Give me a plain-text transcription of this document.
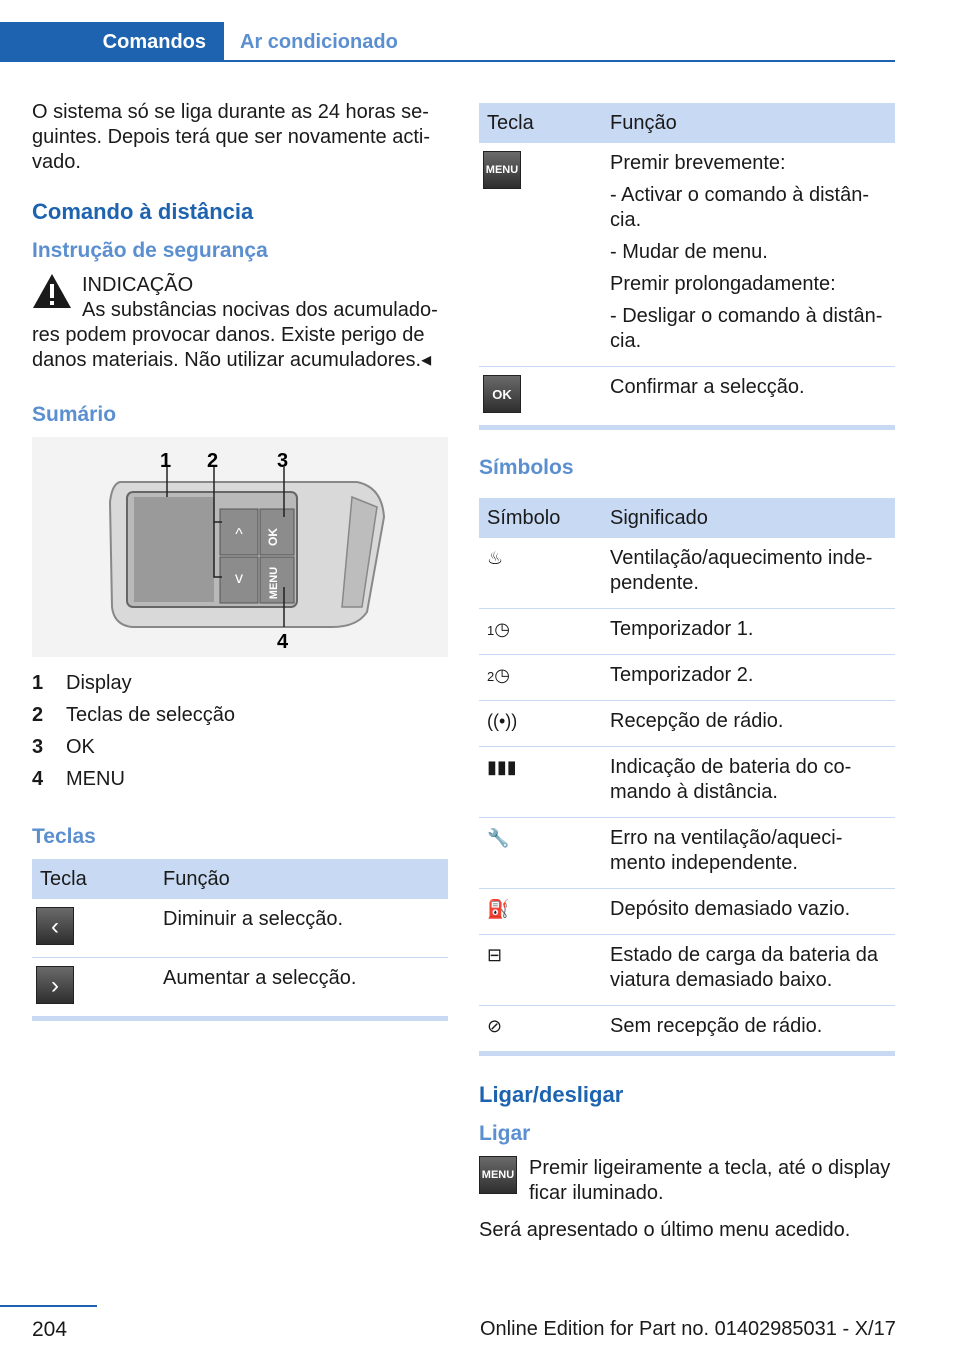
Comandos	Ar condicionado

O sistema só se liga durante as 24 horas se-guintes. Depois terá que ser novamente acti-vado.

Comando à distância
Instrução de segurança
INDICAÇÃO
As substâncias nocivas dos acumulado-res podem provocar danos. Existe perigo de danos materiais. Não utilizar acumuladores.◂
Sumário
^
v
OK
MENU
1 2	3
4
1	Display
2	Teclas de selecção
3	OK
4	MENU
Teclas
Tecla	Função

‹	Diminuir a selecção.

›	Aumentar a selecção.
Tecla	Função

MENU	Premir brevemente:
- Activar o comando à distân-cia.
- Mudar de menu.
Premir prolongadamente:
- Desligar o comando à distân-cia.

OK	Confirmar a selecção.
Símbolos
Símbolo	Significado
♨	Ventilação/aquecimento inde-pendente.
1◷	Temporizador 1.
2◷	Temporizador 2.
((•))	Recepção de rádio.
▮▮▮	Indicação de bateria do co-mando à distância.
🔧	Erro na ventilação/aqueci-mento independente.
⛽	Depósito demasiado vazio.
⊟	Estado de carga da bateria da viatura demasiado baixo.
⊘	Sem recepção de rádio.
Ligar/desligar
Ligar
MENU Premir ligeiramente a tecla, até o display ficar iluminado.

Será apresentado o último menu acedido.

204	Online Edition for Part no. 01402985031 - X/17
